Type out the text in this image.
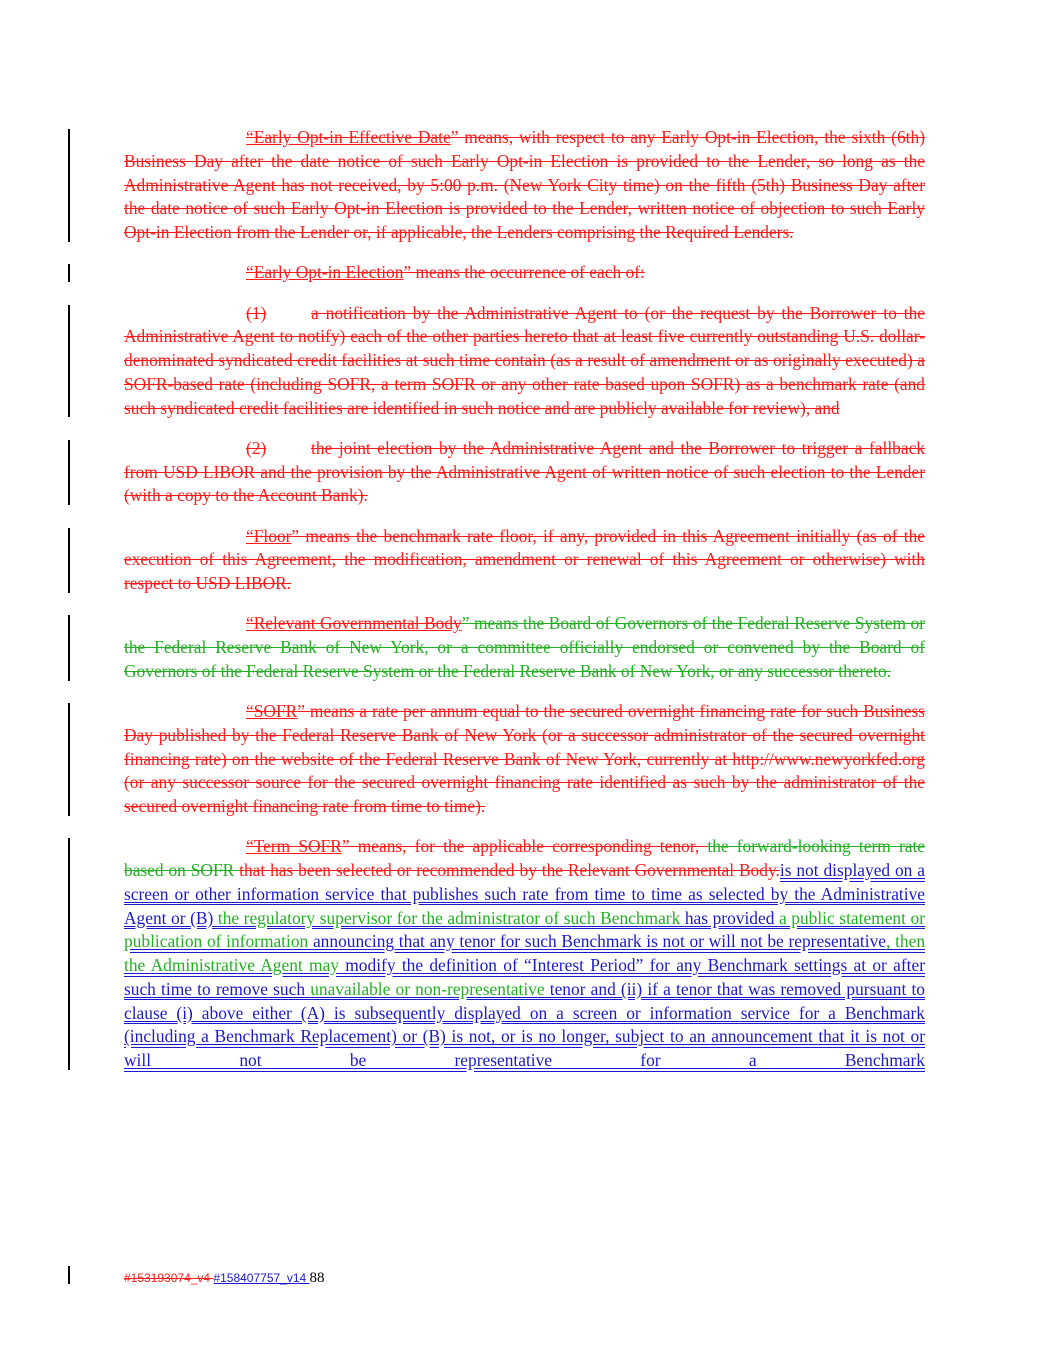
“Early Opt-in Effective Date” means, with respect to any Early Opt-in Election, the sixth (6th) Business Day after the date notice of such Early Opt-in Election is provided to the Lender, so long as the Administrative Agent has not received, by 5:00 p.m. (New York City time) on the fifth (5th) Business Day after the date notice of such Early Opt-in Election is provided to the Lender, written notice of objection to such Early Opt-in Election from the Lender or, if applicable, the Lenders comprising the Required Lenders.

“Early Opt-in Election” means the occurrence of each of:

(1)	a notification by the Administrative Agent to (or the request by the Borrower to the Administrative Agent to notify) each of the other parties hereto that at least five currently outstanding U.S. dollar-denominated syndicated credit facilities at such time contain (as a result of amendment or as originally executed) a SOFR-based rate (including SOFR, a term SOFR or any other rate based upon SOFR) as a benchmark rate (and such syndicated credit facilities are identified in such notice and are publicly available for review), and

(2)	the joint election by the Administrative Agent and the Borrower to trigger a fallback from USD LIBOR and the provision by the Administrative Agent of written notice of such election to the Lender (with a copy to the Account Bank).

“Floor” means the benchmark rate floor, if any, provided in this Agreement initially (as of the execution of this Agreement, the modification, amendment or renewal of this Agreement or otherwise) with respect to USD LIBOR.

“Relevant Governmental Body” means the Board of Governors of the Federal Reserve System or the Federal Reserve Bank of New York, or a committee officially endorsed or convened by the Board of Governors of the Federal Reserve System or the Federal Reserve Bank of New York, or any successor thereto.

“SOFR” means a rate per annum equal to the secured overnight financing rate for such Business Day published by the Federal Reserve Bank of New York (or a successor administrator of the secured overnight financing rate) on the website of the Federal Reserve Bank of New York, currently at http://www.newyorkfed.org (or any successor source for the secured overnight financing rate identified as such by the administrator of the secured overnight financing rate from time to time).

“Term SOFR” means, for the applicable corresponding tenor, the forward-looking term rate based on SOFR that has been selected or recommended by the Relevant Governmental Body.is not displayed on a screen or other information service that publishes such rate from time to time as selected by the Administrative Agent or (B) the regulatory supervisor for the administrator of such Benchmark has provided a public statement or publication of information announcing that any tenor for such Benchmark is not or will not be representative, then the Administrative Agent may modify the definition of “Interest Period” for any Benchmark settings at or after such time to remove such unavailable or non-representative tenor and (ii) if a tenor that was removed pursuant to clause (i) above either (A) is subsequently displayed on a screen or information service for a Benchmark (including a Benchmark Replacement) or (B) is not, or is no longer, subject to an announcement that it is not or will not be representative for a Benchmark

#153193074_v4 #158407757_v14 88
